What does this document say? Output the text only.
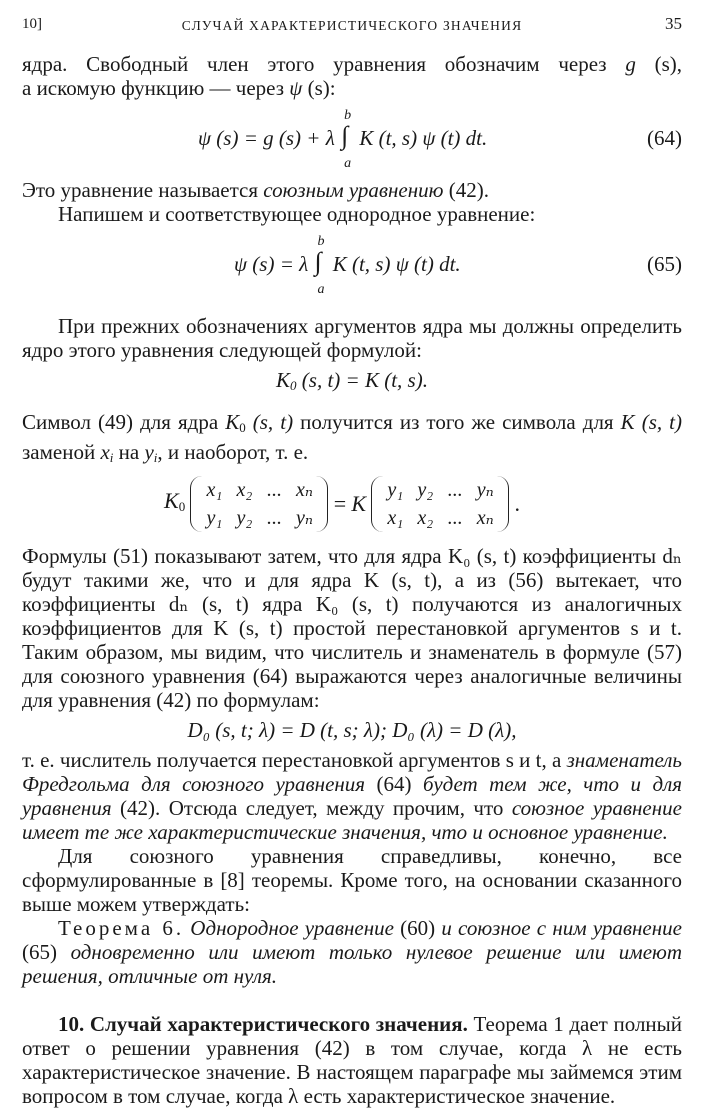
10]	СЛУЧАЙ ХАРАКТЕРИСТИЧЕСКОГО ЗНАЧЕНИЯ	35

ядра. Свободный член этого уравнения обозначим через g (s),

а искомую функцию — через ψ (s):

ψ (s) = g (s) + λ ∫
b
a
K (t, s) ψ (t) dt.	(64)

Это уравнение называется союзным уравнению (42).

Напишем и соответствующее однородное уравнение:

ψ (s) = λ ∫
b
a
K (t, s) ψ (t) dt.	(65)

При прежних обозначениях аргументов ядра мы должны определить ядро этого уравнения следующей формулой:

$K_0$ (s, t) = K (t, s).

Символ (49) для ядра $K_0$ (s, t) получится из того же символа для K (s, t) заменой $x_i$ на $y_i$, и наоборот, т. е.

$K_0$
x₁ x₂ ... xₙ
y₁ y₂ ... yₙ
= K
y₁ y₂ ... yₙ
x₁ x₂ ... xₙ
.

Формулы (51) показывают затем, что для ядра K₀ (s, t) коэффициенты dₙ будут такими же, что и для ядра K (s, t), а из (56) вытекает, что коэффициенты dₙ (s, t) ядра K₀ (s, t) получаются из аналогичных коэффициентов для K (s, t) простой перестановкой аргументов s и t. Таким образом, мы видим, что числитель и знаменатель в формуле (57) для союзного уравнения (64) выражаются через аналогичные величины для уравнения (42) по формулам:

D₀ (s, t; λ) = D (t, s; λ); D₀ (λ) = D (λ),

т. е. числитель получается перестановкой аргументов s и t, а знаменатель Фредгольма для союзного уравнения (64) будет тем же, что и для уравнения (42). Отсюда следует, между прочим, что союзное уравнение имеет те же характеристические значения, что и основное уравнение.

Для союзного уравнения справедливы, конечно, все сформулированные в [8] теоремы. Кроме того, на основании сказанного выше можем утверждать:

Теорема 6. Однородное уравнение (60) и союзное с ним уравнение (65) одновременно или имеют только нулевое решение или имеют решения, отличные от нуля.

10. Случай характеристического значения. Теорема 1 дает полный ответ о решении уравнения (42) в том случае, когда λ не есть характеристическое значение. В настоящем параграфе мы займемся этим вопросом в том случае, когда λ есть характеристическое значение.
